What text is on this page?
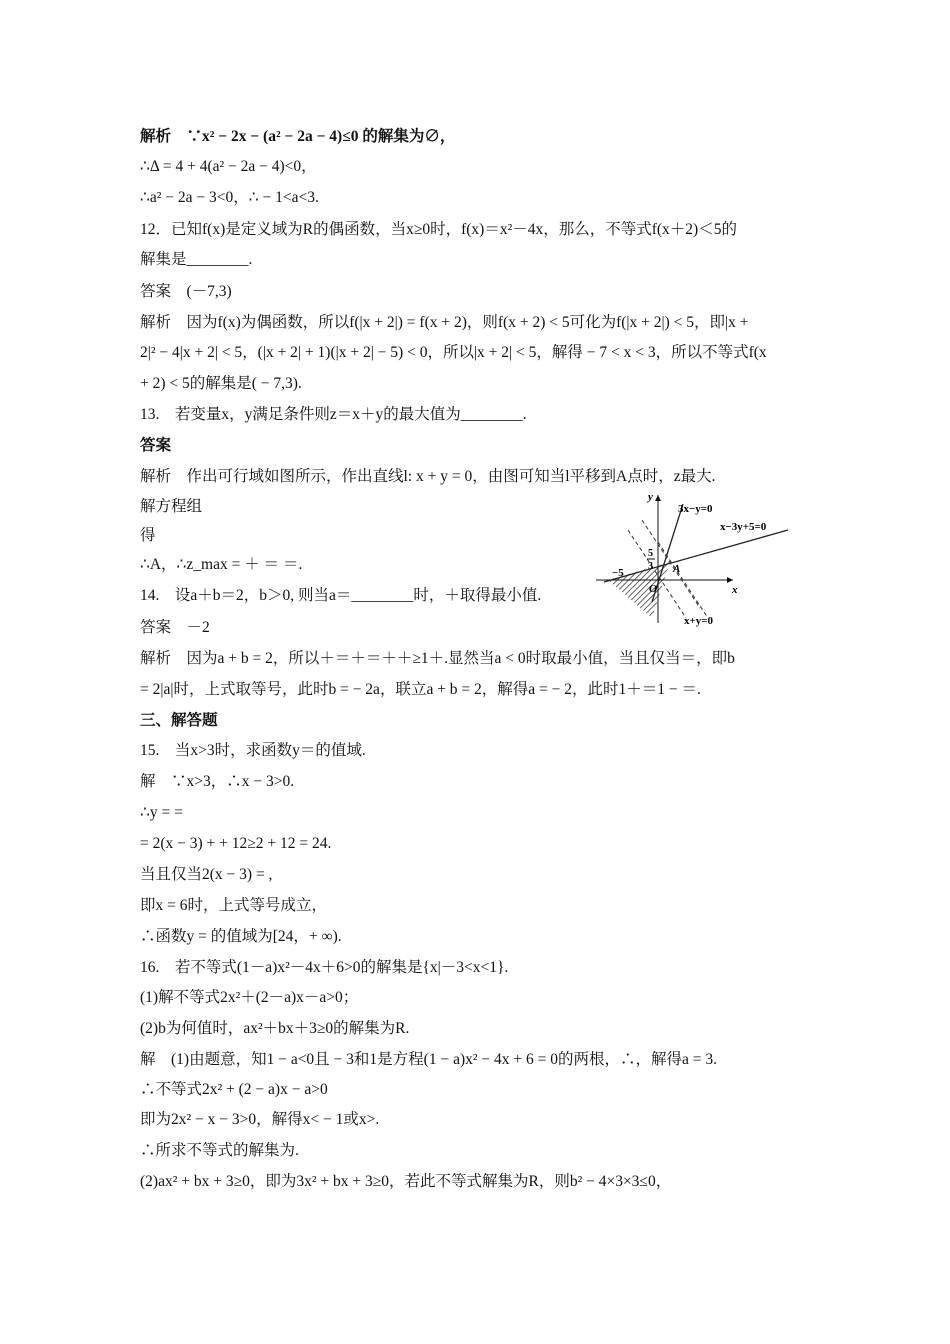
解析　∵x² − 2x − (a² − 2a − 4)≤0 的解集为∅，
∴Δ = 4 + 4(a² − 2a − 4)<0，
∴a² − 2a − 3<0，∴ − 1<a<3.
12．已知f(x)是定义域为R的偶函数，当x≥0时，f(x)＝x²－4x，那么，不等式f(x＋2)＜5的
解集是________.
答案　(－7,3)
解析　因为f(x)为偶函数，所以f(|x + 2|) = f(x + 2)，则f(x + 2) < 5可化为f(|x + 2|) < 5，即|x +
2|² − 4|x + 2| < 5，(|x + 2| + 1)(|x + 2| − 5) < 0，所以|x + 2| < 5，解得 − 7 < x < 3，所以不等式f(x
+ 2) < 5的解集是( − 7,3).
13.　若变量x，y满足条件则z＝x＋y的最大值为________.
答案
解析　作出可行域如图所示，作出直线l: x + y = 0，由图可知当l平移到A点时，z最大.
解方程组
得
∴A，∴z_max = ＋ ＝ ＝.
14.　设a＋b＝2，b＞0, 则当a＝________时，＋取得最小值.
答案　－2
解析　因为a + b = 2，所以＋＝＋＝＋＋≥1＋.显然当a < 0时取最小值，当且仅当＝，即b
= 2|a|时，上式取等号，此时b = − 2a，联立a + b = 2，解得a = − 2，此时1＋＝1 − ＝.
三、解答题
15.　当x>3时，求函数y＝的值域.
解　∵x>3，∴x − 3>0.
∴y = =
= 2(x − 3) + + 12≥2 + 12 = 24.
当且仅当2(x − 3) = ,
即x = 6时，上式等号成立，
∴函数y = 的值域为[24，+ ∞).
16.　若不等式(1－a)x²－4x＋6>0的解集是{x|－3<x<1}.
(1)解不等式2x²＋(2－a)x－a>0；
(2)b为何值时，ax²＋bx＋3≥0的解集为R.
解　(1)由题意，知1 − a<0且 − 3和1是方程(1 − a)x² − 4x + 6 = 0的两根，∴，解得a = 3.
∴不等式2x² + (2 − a)x − a>0
即为2x² − x − 3>0，解得x< − 1或x>.
∴所求不等式的解集为.
(2)ax² + bx + 3≥0，即为3x² + bx + 3≥0，若此不等式解集为R，则b² − 4×3×3≤0，
y
x
3x−y=0
x−3y+5=0
x+y=0
−5
5
3 A
O
